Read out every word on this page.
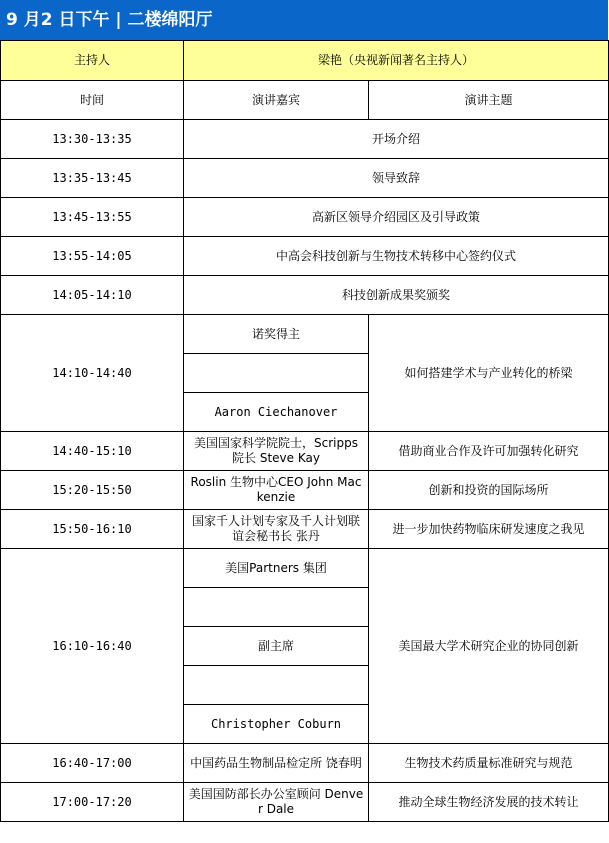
9 月2 日下午 | 二楼绵阳厅
主持人	梁艳（央视新闻著名主持人）	
时间	演讲嘉宾	演讲主题
13:30-13:35	开场介绍	
13:35-13:45	领导致辞	
13:45-13:55	高新区领导介绍园区及引导政策	
13:55-14:05	中高会科技创新与生物技术转移中心签约仪式	
14:05-14:10	科技创新成果奖颁奖	
14:10-14:40	诺奖得主	如何搭建学术与产业转化的桥梁

	Aaron Ciechanover	
14:40-15:10	美国国家科学院院士，Scripps 院长 Steve Kay	借助商业合作及许可加强转化研究
15:20-15:50	Roslin 生物中心CEO John Mackenzie	创新和投资的国际场所
15:50-16:10	国家千人计划专家及千人计划联谊会秘书长 张丹	进一步加快药物临床研发速度之我见
16:10-16:40	美国Partners 集团	美国最大学术研究企业的协同创新

	副主席	

	Christopher Coburn	
16:40-17:00	中国药品生物制品检定所 饶春明	生物技术药质量标准研究与规范
17:00-17:20	美国国防部长办公室顾问 Denver Dale	推动全球生物经济发展的技术转让
